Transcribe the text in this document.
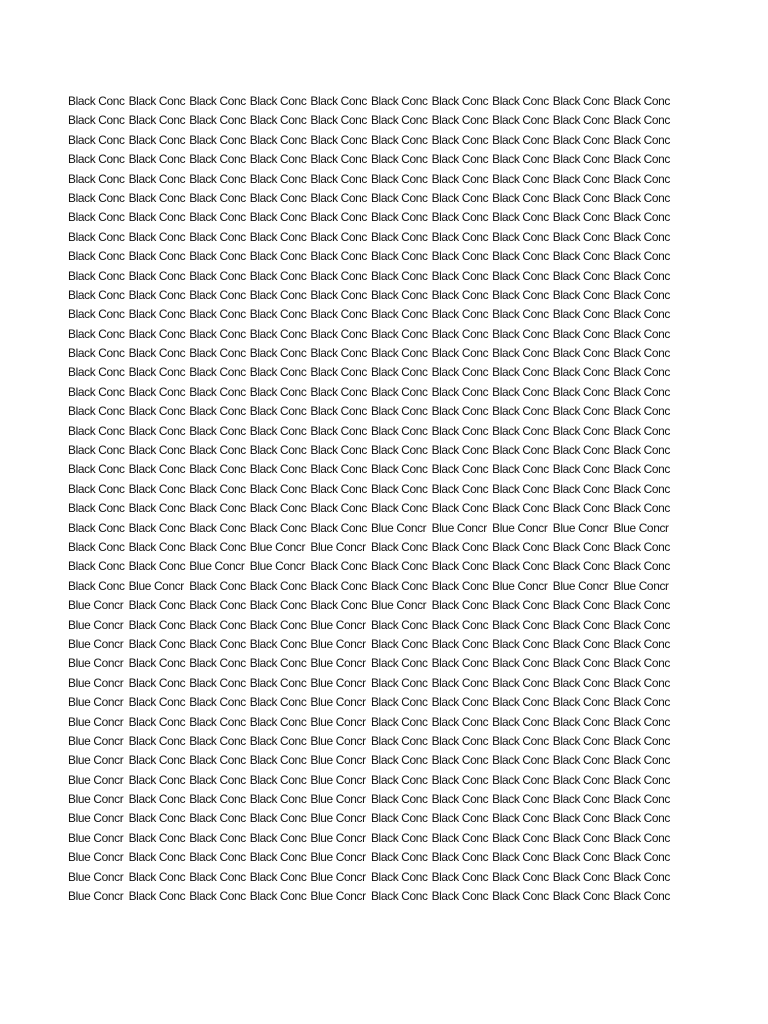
Black Conc Black Conc Black Conc Black Conc Black Conc Black Conc Black Conc Black Conc Black Conc Black Conc
Black Conc Black Conc Black Conc Black Conc Black Conc Black Conc Black Conc Black Conc Black Conc Black Conc
Black Conc Black Conc Black Conc Black Conc Black Conc Black Conc Black Conc Black Conc Black Conc Black Conc
Black Conc Black Conc Black Conc Black Conc Black Conc Black Conc Black Conc Black Conc Black Conc Black Conc
Black Conc Black Conc Black Conc Black Conc Black Conc Black Conc Black Conc Black Conc Black Conc Black Conc
Black Conc Black Conc Black Conc Black Conc Black Conc Black Conc Black Conc Black Conc Black Conc Black Conc
Black Conc Black Conc Black Conc Black Conc Black Conc Black Conc Black Conc Black Conc Black Conc Black Conc
Black Conc Black Conc Black Conc Black Conc Black Conc Black Conc Black Conc Black Conc Black Conc Black Conc
Black Conc Black Conc Black Conc Black Conc Black Conc Black Conc Black Conc Black Conc Black Conc Black Conc
Black Conc Black Conc Black Conc Black Conc Black Conc Black Conc Black Conc Black Conc Black Conc Black Conc
Black Conc Black Conc Black Conc Black Conc Black Conc Black Conc Black Conc Black Conc Black Conc Black Conc
Black Conc Black Conc Black Conc Black Conc Black Conc Black Conc Black Conc Black Conc Black Conc Black Conc
Black Conc Black Conc Black Conc Black Conc Black Conc Black Conc Black Conc Black Conc Black Conc Black Conc
Black Conc Black Conc Black Conc Black Conc Black Conc Black Conc Black Conc Black Conc Black Conc Black Conc
Black Conc Black Conc Black Conc Black Conc Black Conc Black Conc Black Conc Black Conc Black Conc Black Conc
Black Conc Black Conc Black Conc Black Conc Black Conc Black Conc Black Conc Black Conc Black Conc Black Conc
Black Conc Black Conc Black Conc Black Conc Black Conc Black Conc Black Conc Black Conc Black Conc Black Conc
Black Conc Black Conc Black Conc Black Conc Black Conc Black Conc Black Conc Black Conc Black Conc Black Conc
Black Conc Black Conc Black Conc Black Conc Black Conc Black Conc Black Conc Black Conc Black Conc Black Conc
Black Conc Black Conc Black Conc Black Conc Black Conc Black Conc Black Conc Black Conc Black Conc Black Conc
Black Conc Black Conc Black Conc Black Conc Black Conc Black Conc Black Conc Black Conc Black Conc Black Conc
Black Conc Black Conc Black Conc Black Conc Black Conc Black Conc Black Conc Black Conc Black Conc Black Conc
Black Conc Black Conc Black Conc Black Conc Black Conc Blue Concr Blue Concr Blue Concr Blue Concr Blue Concr
Black Conc Black Conc Black Conc Blue Concr Blue Concr Black Conc Black Conc Black Conc Black Conc Black Conc
Black Conc Black Conc Blue Concr Blue Concr Black Conc Black Conc Black Conc Black Conc Black Conc Black Conc
Black Conc Blue Concr Black Conc Black Conc Black Conc Black Conc Black Conc Blue Concr Blue Concr Blue Concr
Blue Concr Black Conc Black Conc Black Conc Black Conc Blue Concr Black Conc Black Conc Black Conc Black Conc
Blue Concr Black Conc Black Conc Black Conc Blue Concr Black Conc Black Conc Black Conc Black Conc Black Conc
Blue Concr Black Conc Black Conc Black Conc Blue Concr Black Conc Black Conc Black Conc Black Conc Black Conc
Blue Concr Black Conc Black Conc Black Conc Blue Concr Black Conc Black Conc Black Conc Black Conc Black Conc
Blue Concr Black Conc Black Conc Black Conc Blue Concr Black Conc Black Conc Black Conc Black Conc Black Conc
Blue Concr Black Conc Black Conc Black Conc Blue Concr Black Conc Black Conc Black Conc Black Conc Black Conc
Blue Concr Black Conc Black Conc Black Conc Blue Concr Black Conc Black Conc Black Conc Black Conc Black Conc
Blue Concr Black Conc Black Conc Black Conc Blue Concr Black Conc Black Conc Black Conc Black Conc Black Conc
Blue Concr Black Conc Black Conc Black Conc Blue Concr Black Conc Black Conc Black Conc Black Conc Black Conc
Blue Concr Black Conc Black Conc Black Conc Blue Concr Black Conc Black Conc Black Conc Black Conc Black Conc
Blue Concr Black Conc Black Conc Black Conc Blue Concr Black Conc Black Conc Black Conc Black Conc Black Conc
Blue Concr Black Conc Black Conc Black Conc Blue Concr Black Conc Black Conc Black Conc Black Conc Black Conc
Blue Concr Black Conc Black Conc Black Conc Blue Concr Black Conc Black Conc Black Conc Black Conc Black Conc
Blue Concr Black Conc Black Conc Black Conc Blue Concr Black Conc Black Conc Black Conc Black Conc Black Conc
Blue Concr Black Conc Black Conc Black Conc Blue Concr Black Conc Black Conc Black Conc Black Conc Black Conc
Blue Concr Black Conc Black Conc Black Conc Blue Concr Black Conc Black Conc Black Conc Black Conc Black Conc
